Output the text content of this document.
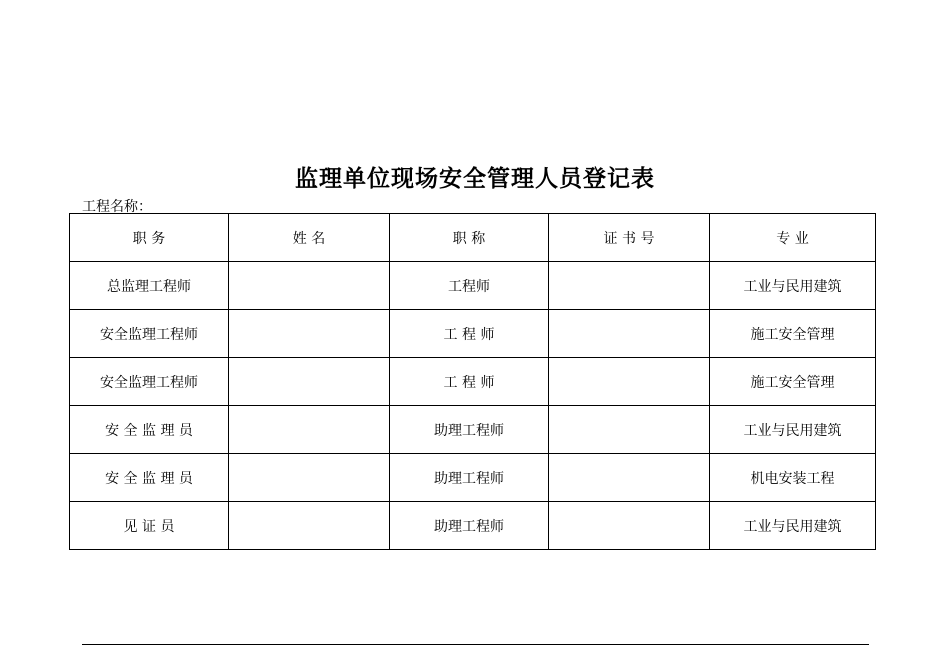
监理单位现场安全管理人员登记表
工程名称：
职 务	姓 名	职 称	证 书 号	专 业
总监理工程师		工程师		工业与民用建筑
安全监理工程师		工 程 师		施工安全管理
安全监理工程师		工 程 师		施工安全管理
安 全 监 理 员		助理工程师		工业与民用建筑
安 全 监 理 员		助理工程师		机电安装工程
见 证 员		助理工程师		工业与民用建筑
